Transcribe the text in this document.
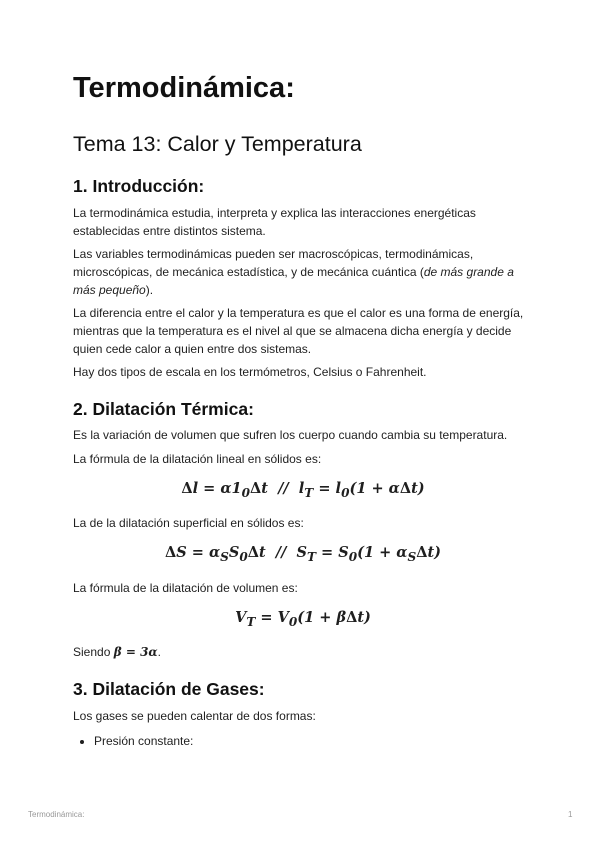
Termodinámica:
Tema 13: Calor y Temperatura
1. Introducción:

La termodinámica estudia, interpreta y explica las interacciones energéticas establecidas entre distintos sistema.

Las variables termodinámicas pueden ser macroscópicas, termodinámicas, microscópicas, de mecánica estadística, y de mecánica cuántica (de más grande a más pequeño).

La diferencia entre el calor y la temperatura es que el calor es una forma de energía, mientras que la temperatura es el nivel al que se almacena dicha energía y decide quien cede calor a quien entre dos sistemas.

Hay dos tipos de escala en los termómetros, Celsius o Fahrenheit.

2. Dilatación Térmica:

Es la variación de volumen que sufren los cuerpo cuando cambia su temperatura.

La fórmula de la dilatación lineal en sólidos es:

$\Delta l = \alpha 1_0\Delta t // l_T = l_0(1 + \alpha\Delta t)$

La de la dilatación superficial en sólidos es:

$\Delta S = \alpha_SS_0\Delta t // S_T = S_0(1 + \alpha_S\Delta t)$

La fórmula de la dilatación de volumen es:

$V_T = V_0(1 + \beta\Delta t)$

Siendo β = 3α.

3. Dilatación de Gases:

Los gases se pueden calentar de dos formas:

• Presión constante:
Termodinámica:	1
